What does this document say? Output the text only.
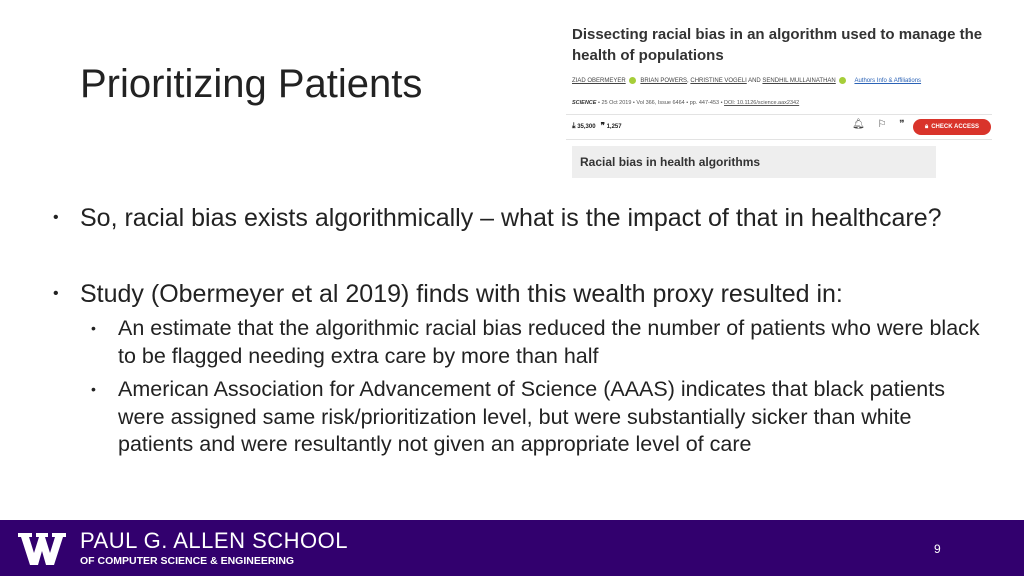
Prioritizing Patients
Dissecting racial bias in an algorithm used to manage the health of populations
ZIAD OBERMEYER BRIAN POWERS, CHRISTINE VOGELI AND SENDHIL MULLAINATHAN	Authors Info & Affiliations
SCIENCE • 25 Oct 2019 • Vol 366, Issue 6464 • pp. 447-453 • DOI: 10.1126/science.aax2342
⤓ 35,300 ❞ 1,257	🔔︎ ⚐ ❞	🔒︎ CHECK ACCESS
Racial bias in health algorithms
• So, racial bias exists algorithmically – what is the impact of that in healthcare?
• Study (Obermeyer et al 2019) finds with this wealth proxy resulted in:
• An estimate that the algorithmic racial bias reduced the number of patients who were black to be flagged needing extra care by more than half
• American Association for Advancement of Science (AAAS) indicates that black patients were assigned same risk/prioritization level, but were substantially sicker than white patients and were resultantly not given an appropriate level of care
PAUL G. ALLEN SCHOOL
OF COMPUTER SCIENCE & ENGINEERING
9
